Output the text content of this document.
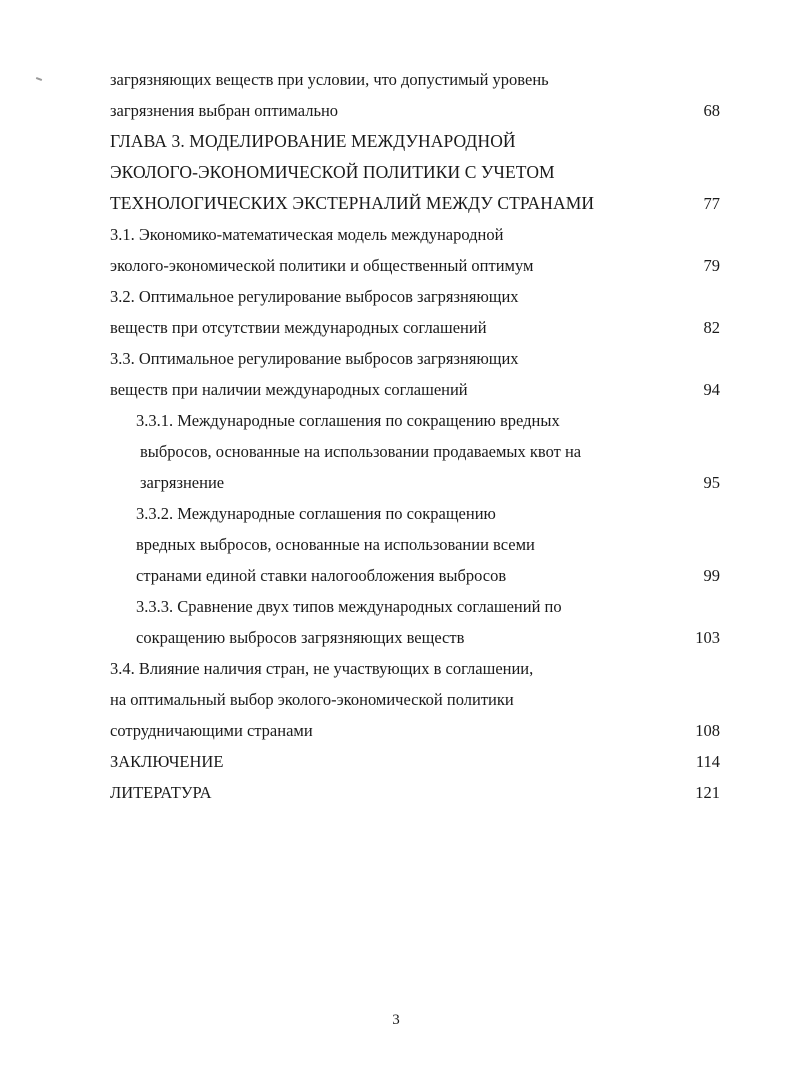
загрязняющих веществ при условии, что допустимый уровень
загрязнения выбран оптимально	68
ГЛАВА 3. МОДЕЛИРОВАНИЕ МЕЖДУНАРОДНОЙ
ЭКОЛОГО-ЭКОНОМИЧЕСКОЙ ПОЛИТИКИ С УЧЕТОМ
ТЕХНОЛОГИЧЕСКИХ ЭКСТЕРНАЛИЙ МЕЖДУ СТРАНАМИ	77
3.1. Экономико-математическая модель международной
эколого-экономической политики и общественный оптимум	79
3.2. Оптимальное регулирование выбросов загрязняющих
веществ при отсутствии международных соглашений	82
3.3. Оптимальное регулирование выбросов загрязняющих
веществ при наличии международных соглашений	94
3.3.1. Международные соглашения по сокращению вредных
выбросов, основанные на использовании продаваемых квот на
загрязнение	95
3.3.2. Международные соглашения по сокращению
вредных выбросов, основанные на использовании всеми
странами единой ставки налогообложения выбросов	99
3.3.3. Сравнение двух типов международных соглашений по
сокращению выбросов загрязняющих веществ	103
3.4. Влияние наличия стран, не участвующих в соглашении,
на оптимальный выбор эколого-экономической политики
сотрудничающими странами	108
ЗАКЛЮЧЕНИЕ	114
ЛИТЕРАТУРА	121
3
